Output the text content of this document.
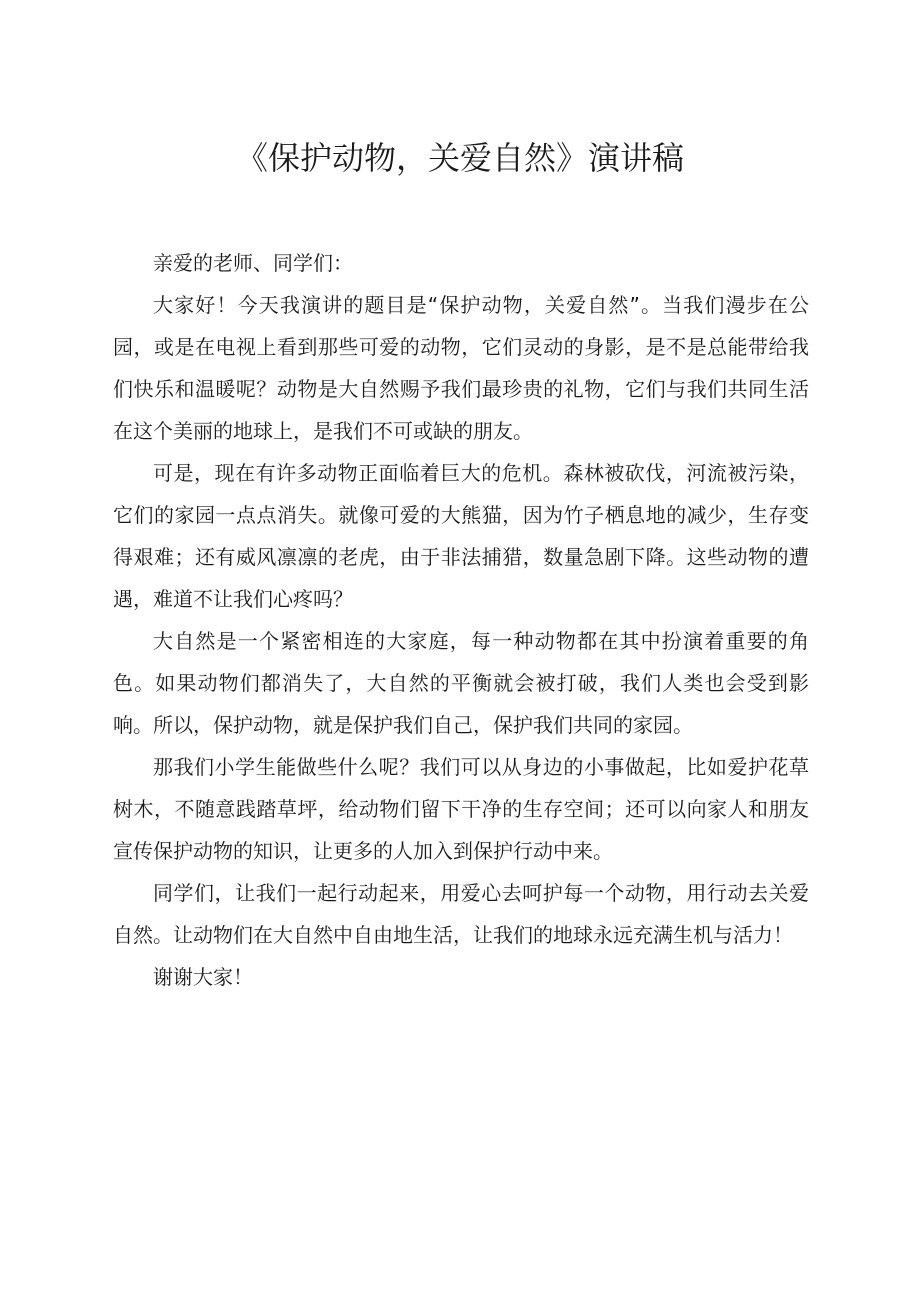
《保护动物，关爱自然》演讲稿

亲爱的老师、同学们：

大家好！今天我演讲的题目是“保护动物，关爱自然”。当我们漫步在公园，或是在电视上看到那些可爱的动物，它们灵动的身影，是不是总能带给我们快乐和温暖呢？动物是大自然赐予我们最珍贵的礼物，它们与我们共同生活在这个美丽的地球上，是我们不可或缺的朋友。

可是，现在有许多动物正面临着巨大的危机。森林被砍伐，河流被污染，它们的家园一点点消失。就像可爱的大熊猫，因为竹子栖息地的减少，生存变得艰难；还有威风凛凛的老虎，由于非法捕猎，数量急剧下降。这些动物的遭遇，难道不让我们心疼吗？

大自然是一个紧密相连的大家庭，每一种动物都在其中扮演着重要的角色。如果动物们都消失了，大自然的平衡就会被打破，我们人类也会受到影响。所以，保护动物，就是保护我们自己，保护我们共同的家园。

那我们小学生能做些什么呢？我们可以从身边的小事做起，比如爱护花草树木，不随意践踏草坪，给动物们留下干净的生存空间；还可以向家人和朋友宣传保护动物的知识，让更多的人加入到保护行动中来。

同学们，让我们一起行动起来，用爱心去呵护每一个动物，用行动去关爱自然。让动物们在大自然中自由地生活，让我们的地球永远充满生机与活力！

谢谢大家！
